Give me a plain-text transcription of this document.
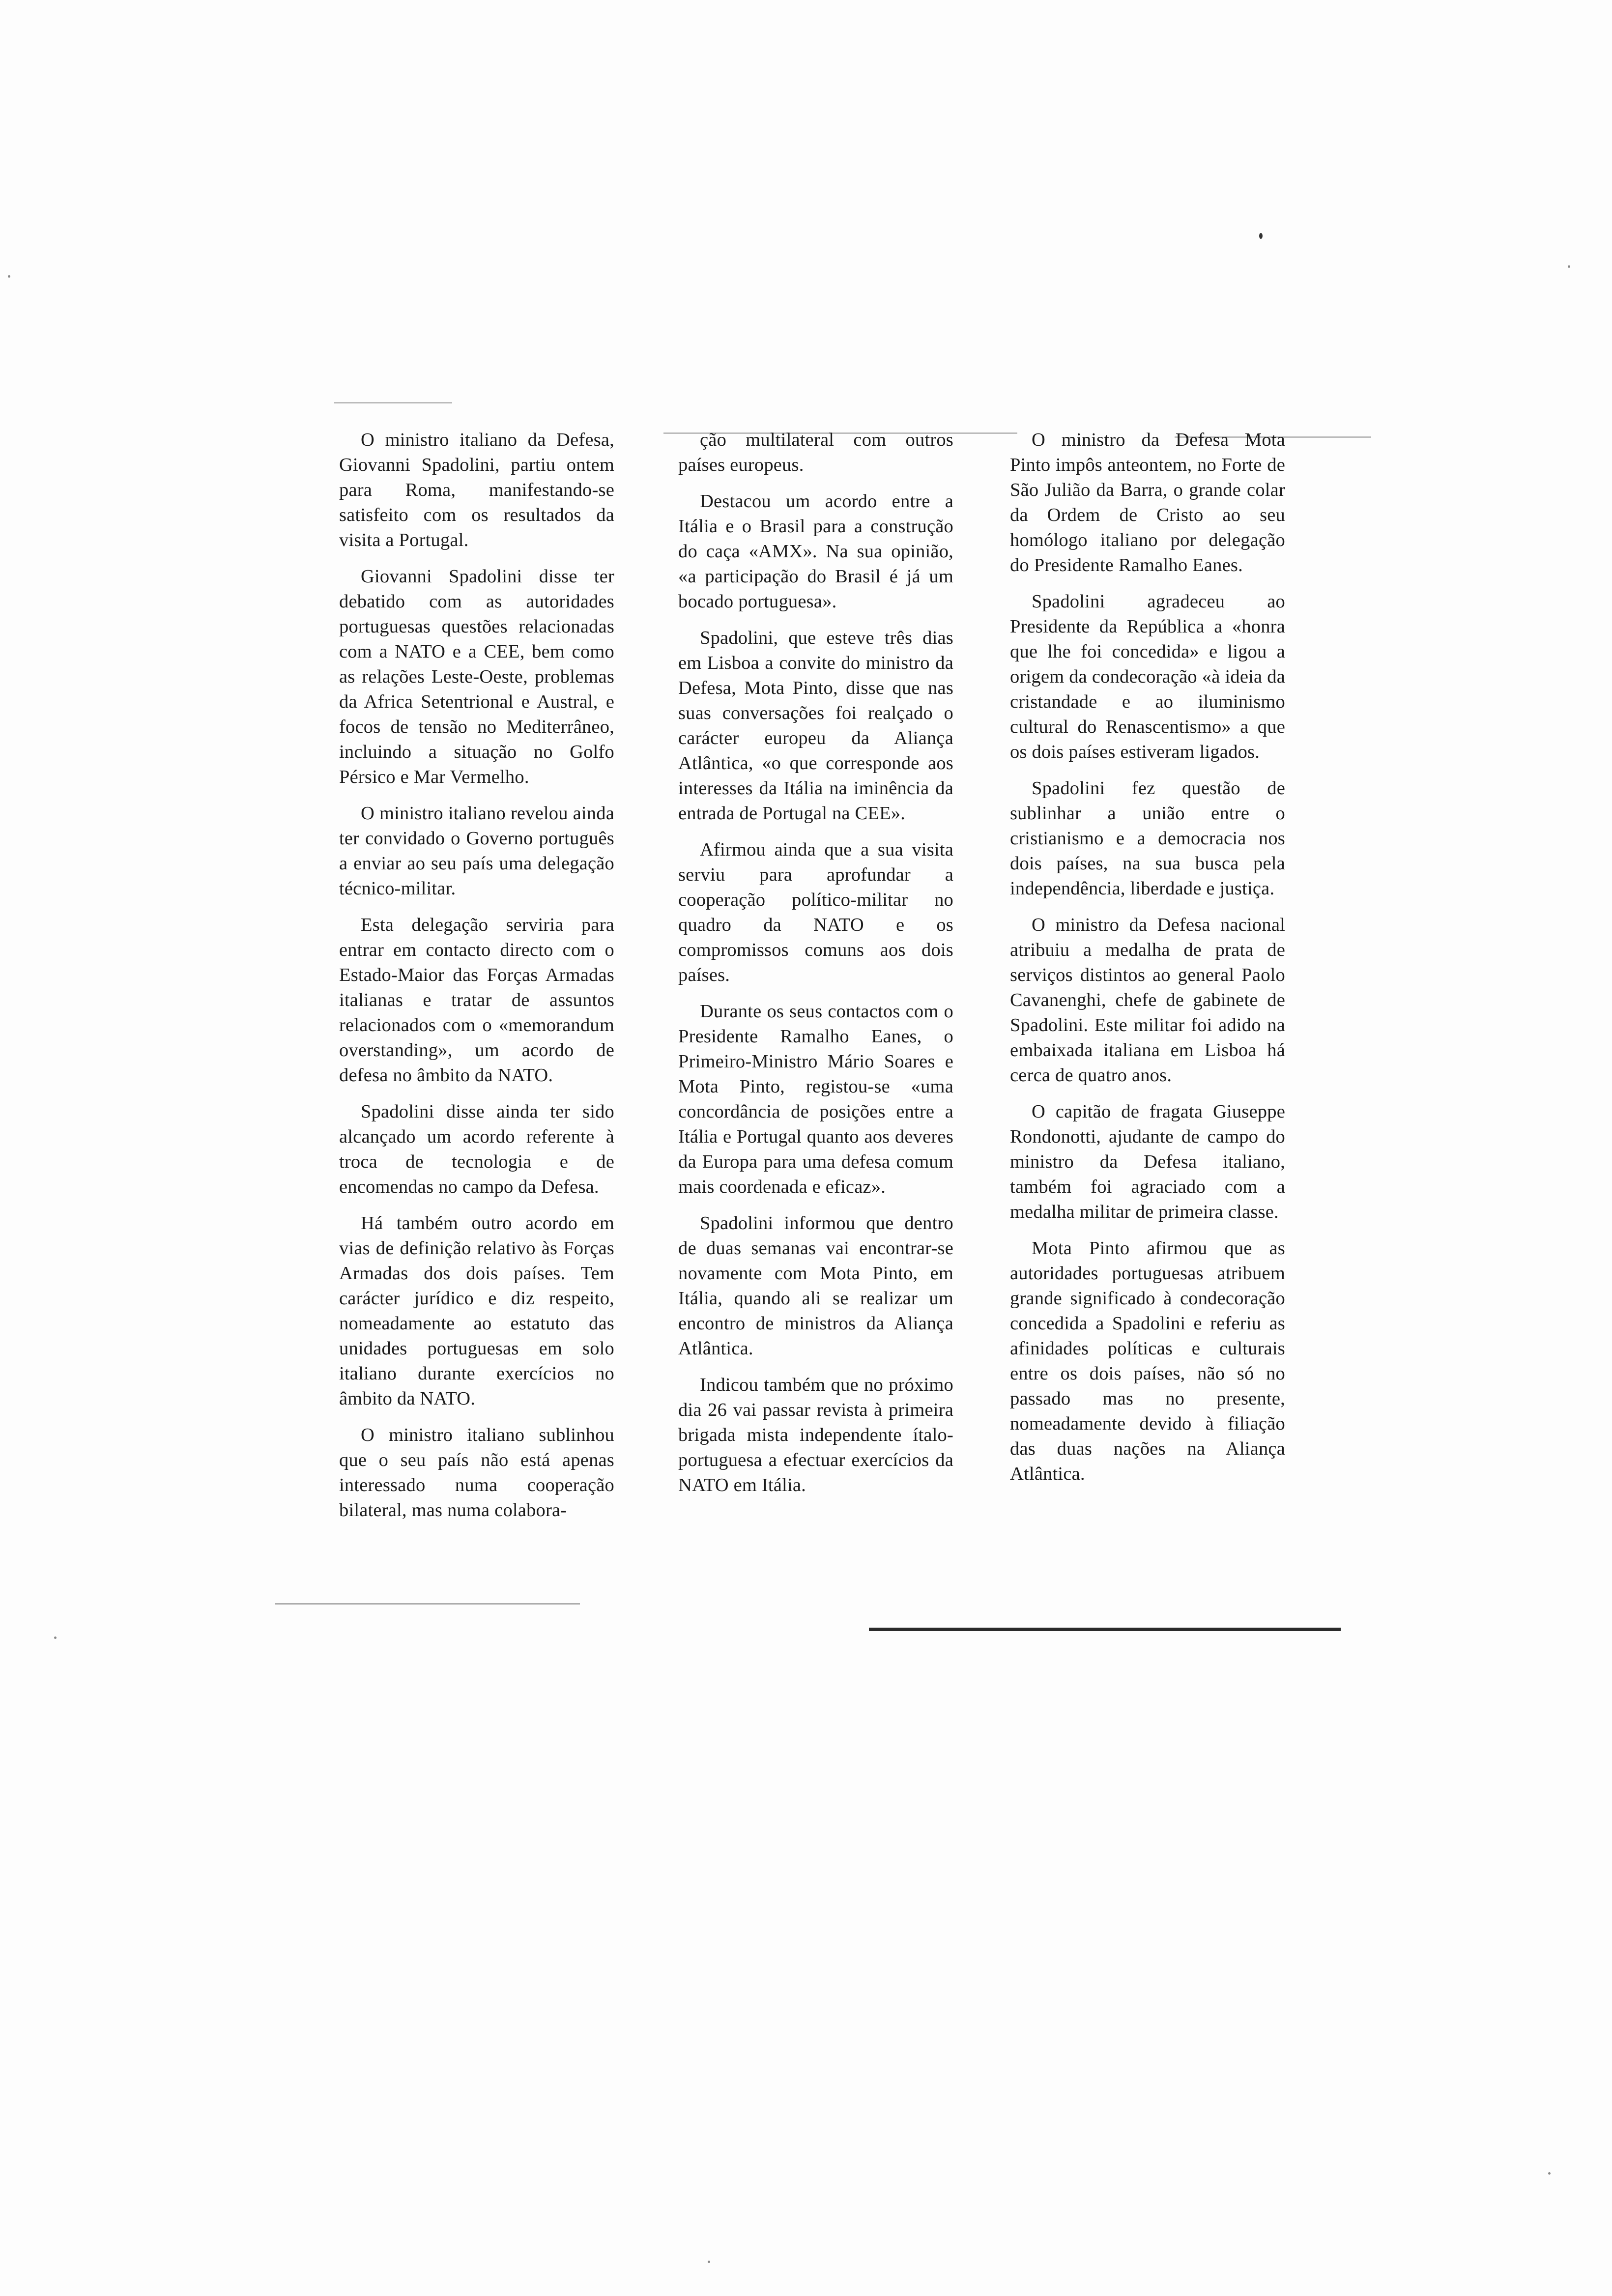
O ministro italiano da Defesa, Giovanni Spadolini, partiu ontem para Roma, manifestando-se satisfeito com os resultados da visita a Portugal.

Giovanni Spadolini disse ter debatido com as autoridades portuguesas questões relacionadas com a NATO e a CEE, bem como as relações Leste-Oeste, problemas da Africa Setentrional e Austral, e focos de tensão no Mediterrâneo, incluindo a situação no Golfo Pérsico e Mar Vermelho.

O ministro italiano revelou ainda ter convidado o Governo português a enviar ao seu país uma delegação técnico-militar.

Esta delegação serviria para entrar em contacto directo com o Estado-Maior das Forças Armadas italianas e tratar de assuntos relacionados com o «memorandum overstanding», um acordo de defesa no âmbito da NATO.

Spadolini disse ainda ter sido alcançado um acordo referente à troca de tecnologia e de encomendas no campo da Defesa.

Há também outro acordo em vias de definição relativo às Forças Armadas dos dois países. Tem carácter jurídico e diz respeito, nomeadamente ao estatuto das unidades portuguesas em solo italiano durante exercícios no âmbito da NATO.

O ministro italiano sublinhou que o seu país não está apenas interessado numa cooperação bilateral, mas numa colabora-

ção multilateral com outros países europeus.

Destacou um acordo entre a Itália e o Brasil para a construção do caça «AMX». Na sua opinião, «a participação do Brasil é já um bocado portuguesa».

Spadolini, que esteve três dias em Lisboa a convite do ministro da Defesa, Mota Pinto, disse que nas suas conversações foi realçado o carácter europeu da Aliança Atlântica, «o que corresponde aos interesses da Itália na iminência da entrada de Portugal na CEE».

Afirmou ainda que a sua visita serviu para aprofundar a cooperação político-militar no quadro da NATO e os compromissos comuns aos dois países.

Durante os seus contactos com o Presidente Ramalho Eanes, o Primeiro-Ministro Mário Soares e Mota Pinto, registou-se «uma concordância de posições entre a Itália e Portugal quanto aos deveres da Europa para uma defesa comum mais coordenada e eficaz».

Spadolini informou que dentro de duas semanas vai encontrar-se novamente com Mota Pinto, em Itália, quando ali se realizar um encontro de ministros da Aliança Atlântica.

Indicou também que no próximo dia 26 vai passar revista à primeira brigada mista independente ítalo-portuguesa a efectuar exercícios da NATO em Itália.

O ministro da Defesa Mota Pinto impôs anteontem, no Forte de São Julião da Barra, o grande colar da Ordem de Cristo ao seu homólogo italiano por delegação do Presidente Ramalho Eanes.

Spadolini agradeceu ao Presidente da República a «honra que lhe foi concedida» e ligou a origem da condecoração «à ideia da cristandade e ao iluminismo cultural do Renascentismo» a que os dois países estiveram ligados.

Spadolini fez questão de sublinhar a união entre o cristianismo e a democracia nos dois países, na sua busca pela independência, liberdade e justiça.

O ministro da Defesa nacional atribuiu a medalha de prata de serviços distintos ao general Paolo Cavanenghi, chefe de gabinete de Spadolini. Este militar foi adido na embaixada italiana em Lisboa há cerca de quatro anos.

O capitão de fragata Giuseppe Rondonotti, ajudante de campo do ministro da Defesa italiano, também foi agraciado com a medalha militar de primeira classe.

Mota Pinto afirmou que as autoridades portuguesas atribuem grande significado à condecoração concedida a Spadolini e referiu as afinidades políticas e culturais entre os dois países, não só no passado mas no presente, nomeadamente devido à filiação das duas nações na Aliança Atlântica.
